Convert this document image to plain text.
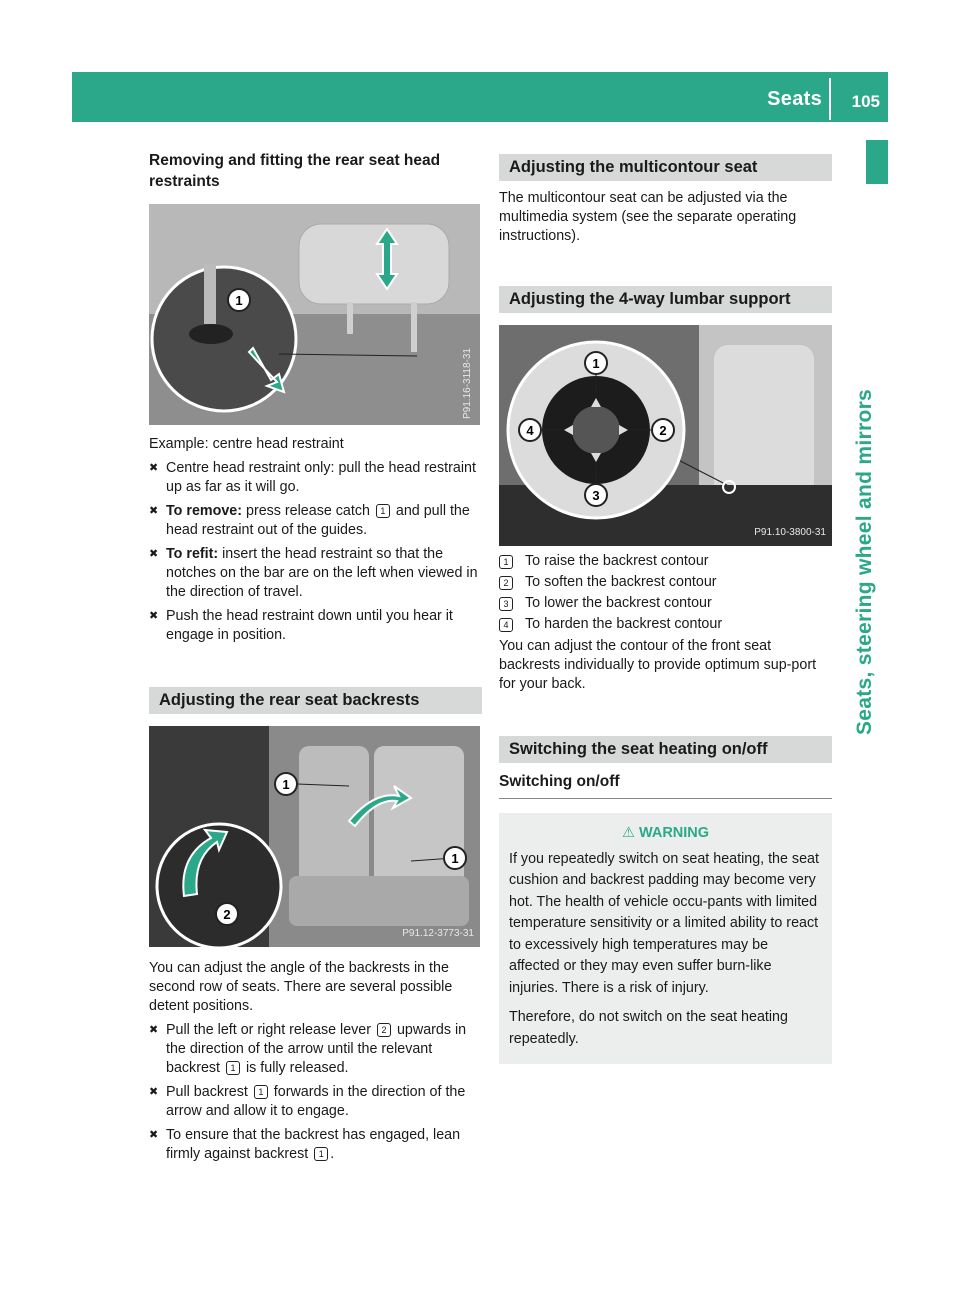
Seats 105
Seats, steering wheel and mirrors
Removing and fitting the rear seat head restraints
1
P91.16-3118-31

Example: centre head restraint

✖ Centre head restraint only: pull the head restraint up as far as it will go.
✖ To remove: press release catch 1 and pull the head restraint out of the guides.
✖ To refit: insert the head restraint so that the notches on the bar are on the left when viewed in the direction of travel.
✖ Push the head restraint down until you hear it engage in position.
Adjusting the rear seat backrests
1
1
2
P91.12-3773-31

You can adjust the angle of the backrests in the second row of seats. There are several possible detent positions.

✖ Pull the left or right release lever 2 upwards in the direction of the arrow until the relevant backrest 1 is fully released.
✖ Pull backrest 1 forwards in the direction of the arrow and allow it to engage.
✖ To ensure that the backrest has engaged, lean firmly against backrest 1 .
Adjusting the multicontour seat

The multicontour seat can be adjusted via the multimedia system (see the separate operating instructions).

Adjusting the 4-way lumbar support
1
2
3
4
P91.10-3800-31
1	To raise the backrest contour
2	To soften the backrest contour
3	To lower the backrest contour
4	To harden the backrest contour

You can adjust the contour of the front seat backrests individually to provide optimum sup-port for your back.

Switching the seat heating on/off
Switching on/off
⚠ WARNING

If you repeatedly switch on seat heating, the seat cushion and backrest padding may become very hot. The health of vehicle occu-pants with limited temperature sensitivity or a limited ability to react to excessively high temperatures may be affected or they may even suffer burn-like injuries. There is a risk of injury.

Therefore, do not switch on the seat heating repeatedly.
